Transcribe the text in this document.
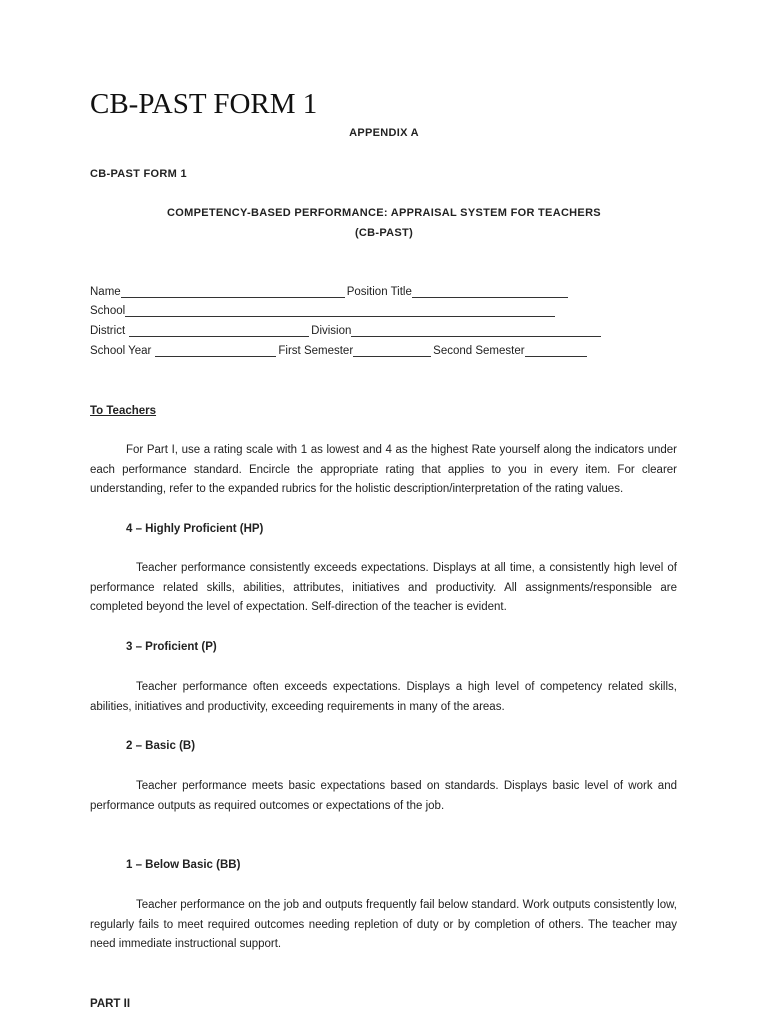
CB-PAST FORM 1
APPENDIX A
CB-PAST FORM 1
COMPETENCY-BASED PERFORMANCE: APPRAISAL SYSTEM FOR TEACHERS
(CB-PAST)
Name	Position Title
School
District	Division
School Year	First Semester	Second Semester
To Teachers
For Part I, use a rating scale with 1 as lowest and 4 as the highest Rate yourself along the indicators under each performance standard. Encircle the appropriate rating that applies to you in every item. For clearer understanding, refer to the expanded rubrics for the holistic description/interpretation of the rating values.
4 – Highly Proficient (HP)
Teacher performance consistently exceeds expectations. Displays at all time, a consistently high level of performance related skills, abilities, attributes, initiatives and productivity. All assignments/responsible are completed beyond the level of expectation. Self-direction of the teacher is evident.
3 – Proficient (P)
Teacher performance often exceeds expectations. Displays a high level of competency related skills, abilities, initiatives and productivity, exceeding requirements in many of the areas.
2 – Basic (B)
Teacher performance meets basic expectations based on standards. Displays basic level of work and performance outputs as required outcomes or expectations of the job.
1 – Below Basic (BB)
Teacher performance on the job and outputs frequently fail below standard. Work outputs consistently low, regularly fails to meet required outcomes needing repletion of duty or by completion of others. The teacher may need immediate instructional support.
PART II
